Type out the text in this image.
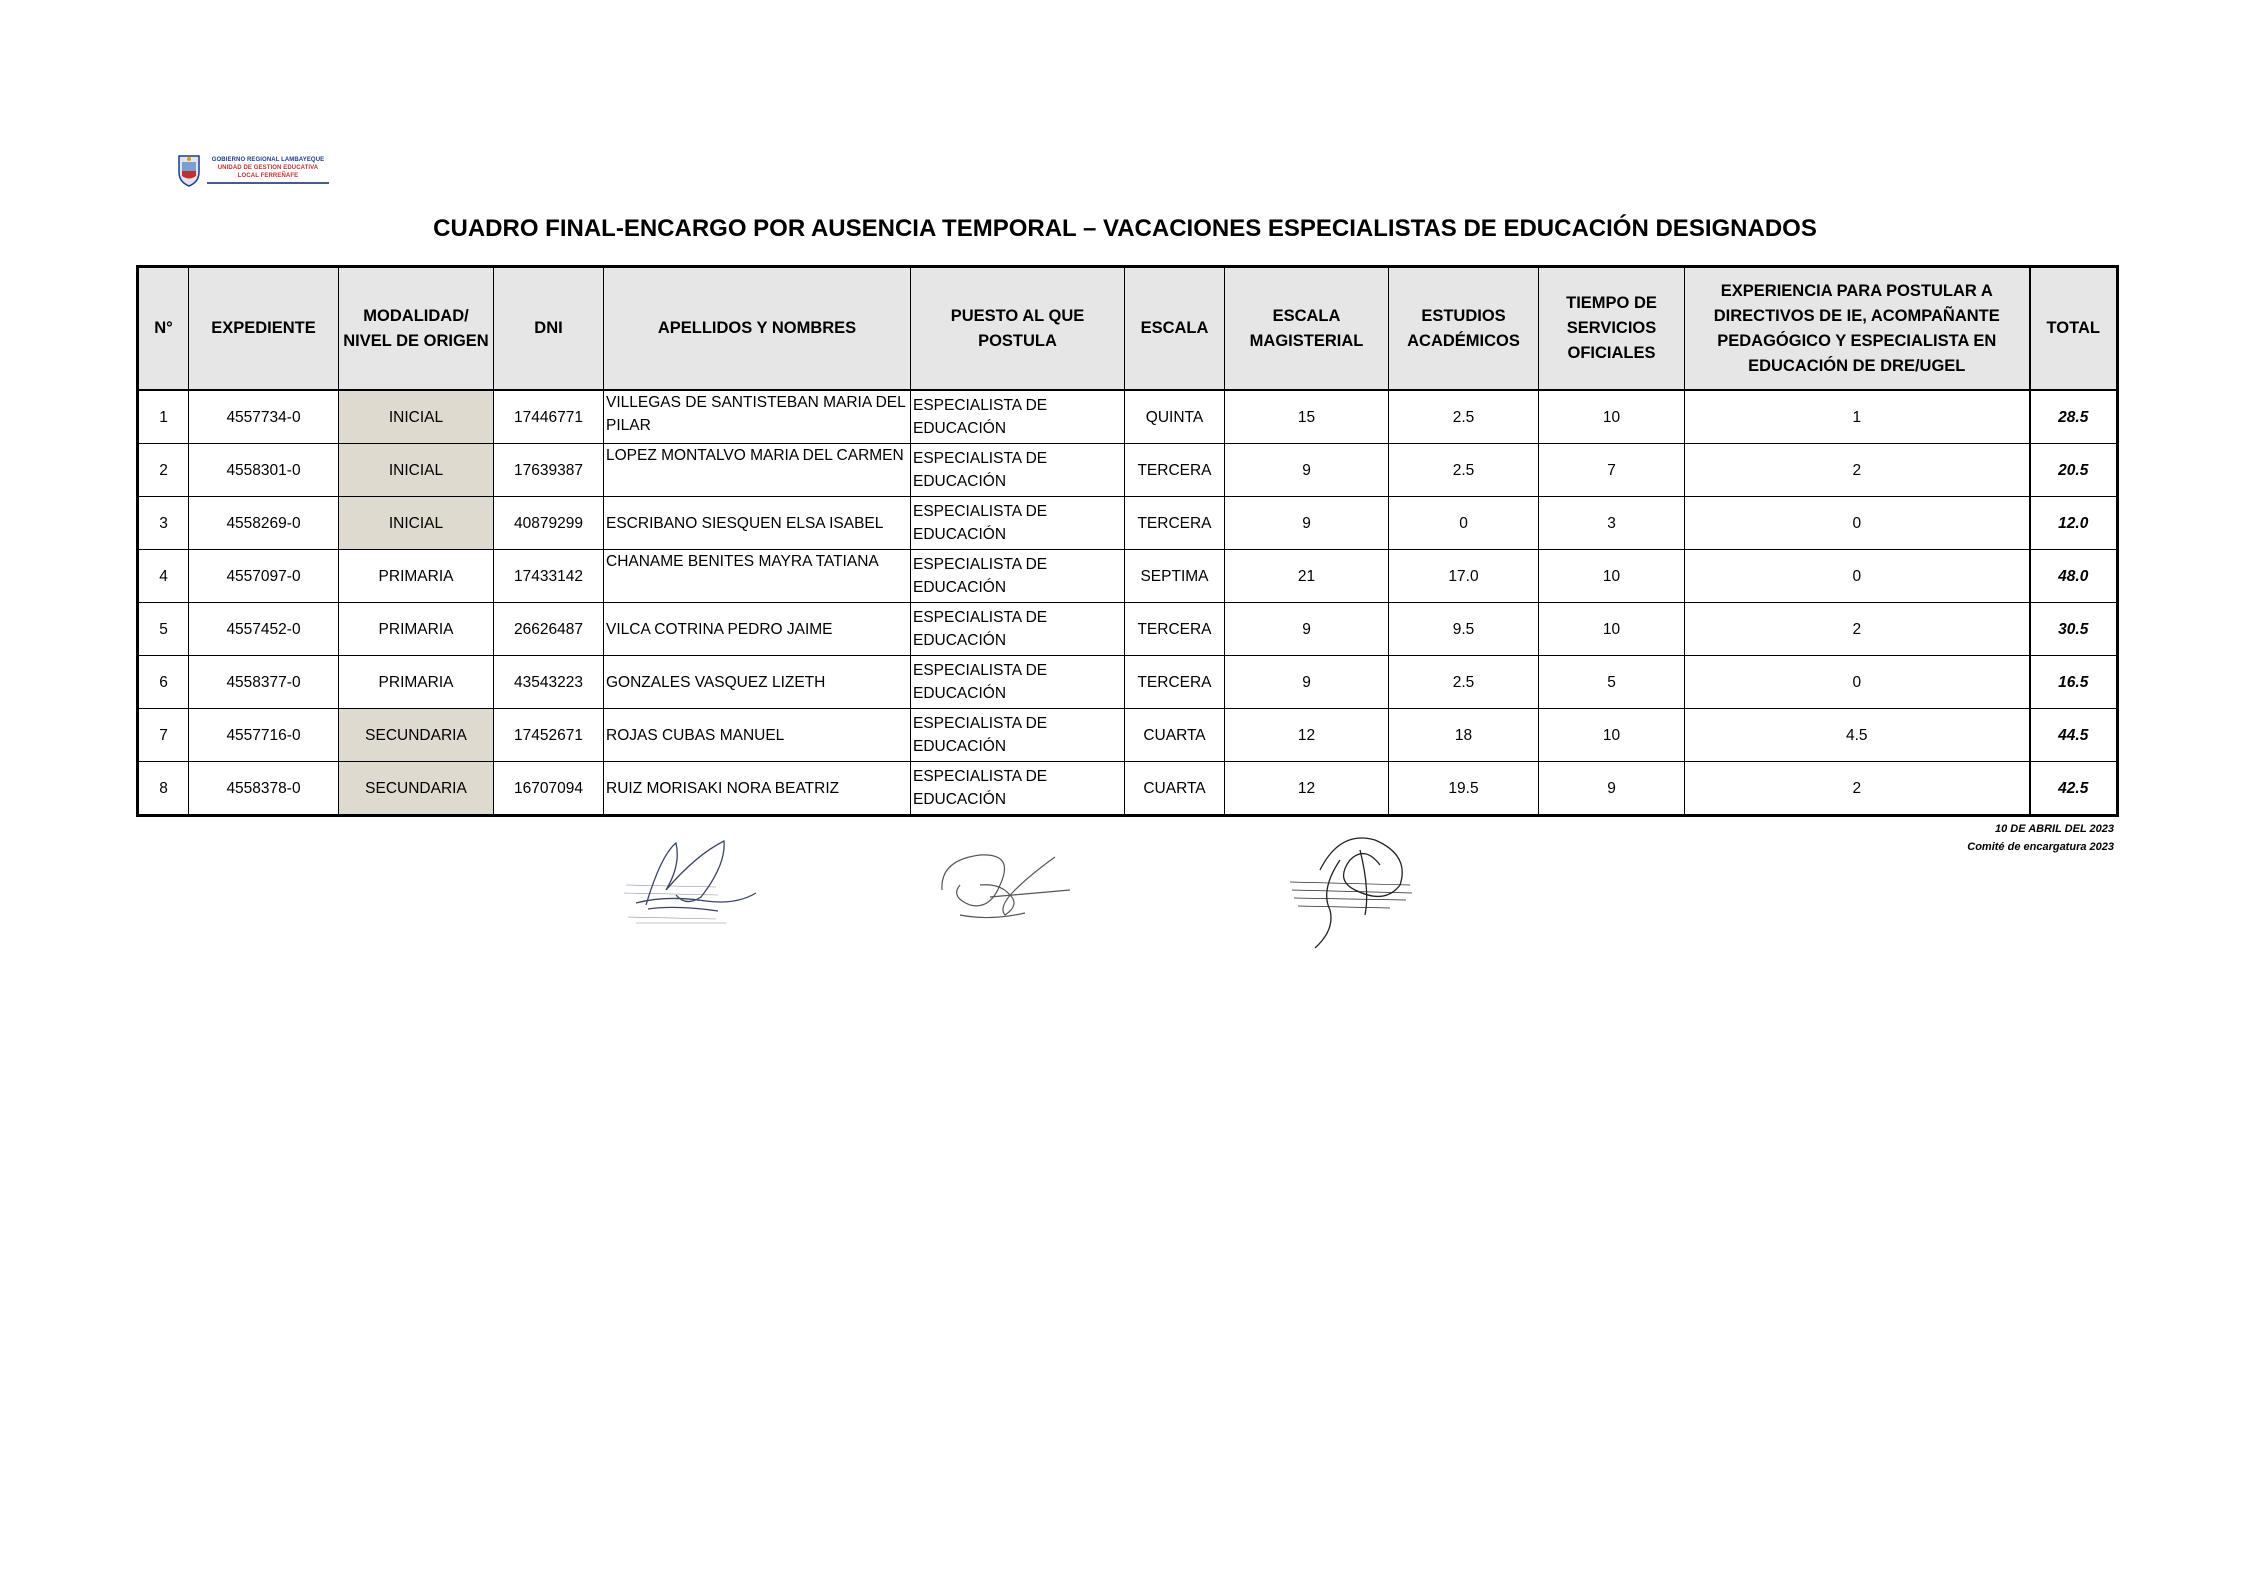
GOBIERNO REGIONAL LAMBAYEQUE
UNIDAD DE GESTION EDUCATIVA
LOCAL FERREÑAFE
CUADRO FINAL-ENCARGO POR AUSENCIA TEMPORAL – VACACIONES ESPECIALISTAS DE EDUCACIÓN DESIGNADOS
N°	EXPEDIENTE	MODALIDAD/ NIVEL DE ORIGEN	DNI	APELLIDOS Y NOMBRES	PUESTO AL QUE POSTULA	ESCALA	ESCALA MAGISTERIAL	ESTUDIOS ACADÉMICOS	TIEMPO DE SERVICIOS OFICIALES	EXPERIENCIA PARA POSTULAR A DIRECTIVOS DE IE, ACOMPAÑANTE PEDAGÓGICO Y ESPECIALISTA EN EDUCACIÓN DE DRE/UGEL	TOTAL
1	4557734-0	INICIAL	17446771	VILLEGAS DE SANTISTEBAN MARIA DEL PILAR	ESPECIALISTA DE EDUCACIÓN	QUINTA	15	2.5	10	1	28.5
2	4558301-0	INICIAL	17639387	LOPEZ MONTALVO MARIA DEL CARMEN	ESPECIALISTA DE EDUCACIÓN	TERCERA	9	2.5	7	2	20.5
3	4558269-0	INICIAL	40879299	ESCRIBANO SIESQUEN ELSA ISABEL	ESPECIALISTA DE EDUCACIÓN	TERCERA	9	0	3	0	12.0
4	4557097-0	PRIMARIA	17433142	CHANAME BENITES MAYRA TATIANA	ESPECIALISTA DE EDUCACIÓN	SEPTIMA	21	17.0	10	0	48.0
5	4557452-0	PRIMARIA	26626487	VILCA COTRINA PEDRO JAIME	ESPECIALISTA DE EDUCACIÓN	TERCERA	9	9.5	10	2	30.5
6	4558377-0	PRIMARIA	43543223	GONZALES VASQUEZ LIZETH	ESPECIALISTA DE EDUCACIÓN	TERCERA	9	2.5	5	0	16.5
7	4557716-0	SECUNDARIA	17452671	ROJAS CUBAS MANUEL	ESPECIALISTA DE EDUCACIÓN	CUARTA	12	18	10	4.5	44.5
8	4558378-0	SECUNDARIA	16707094	RUIZ MORISAKI NORA BEATRIZ	ESPECIALISTA DE EDUCACIÓN	CUARTA	12	19.5	9	2	42.5
10 DE ABRIL DEL 2023
Comité de encargatura 2023
